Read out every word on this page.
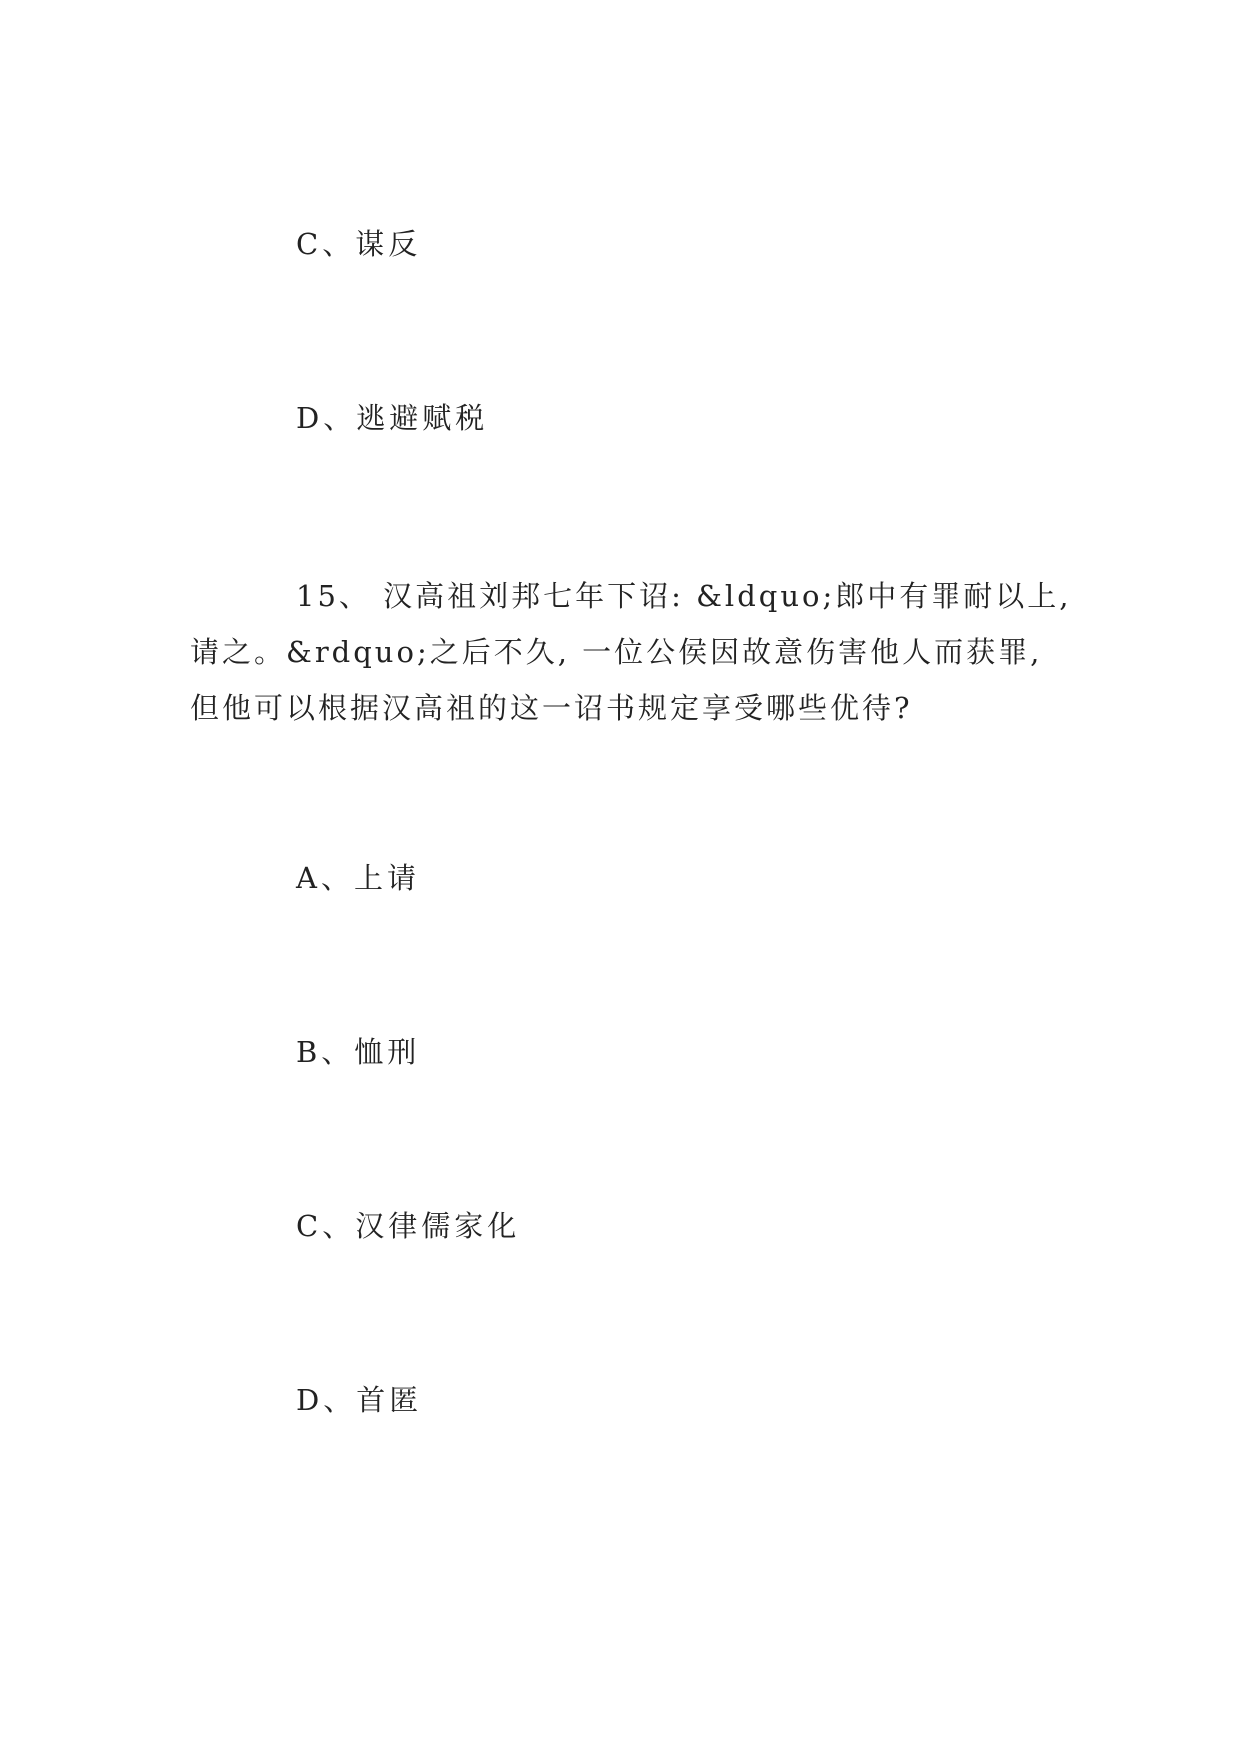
C、谋反
D、逃避赋税
15、 汉高祖刘邦七年下诏: &ldquo;郎中有罪耐以上,
请之。&rdquo;之后不久, 一位公侯因故意伤害他人而获罪,
但他可以根据汉高祖的这一诏书规定享受哪些优待?
A、上请
B、恤刑
C、汉律儒家化
D、首匿
